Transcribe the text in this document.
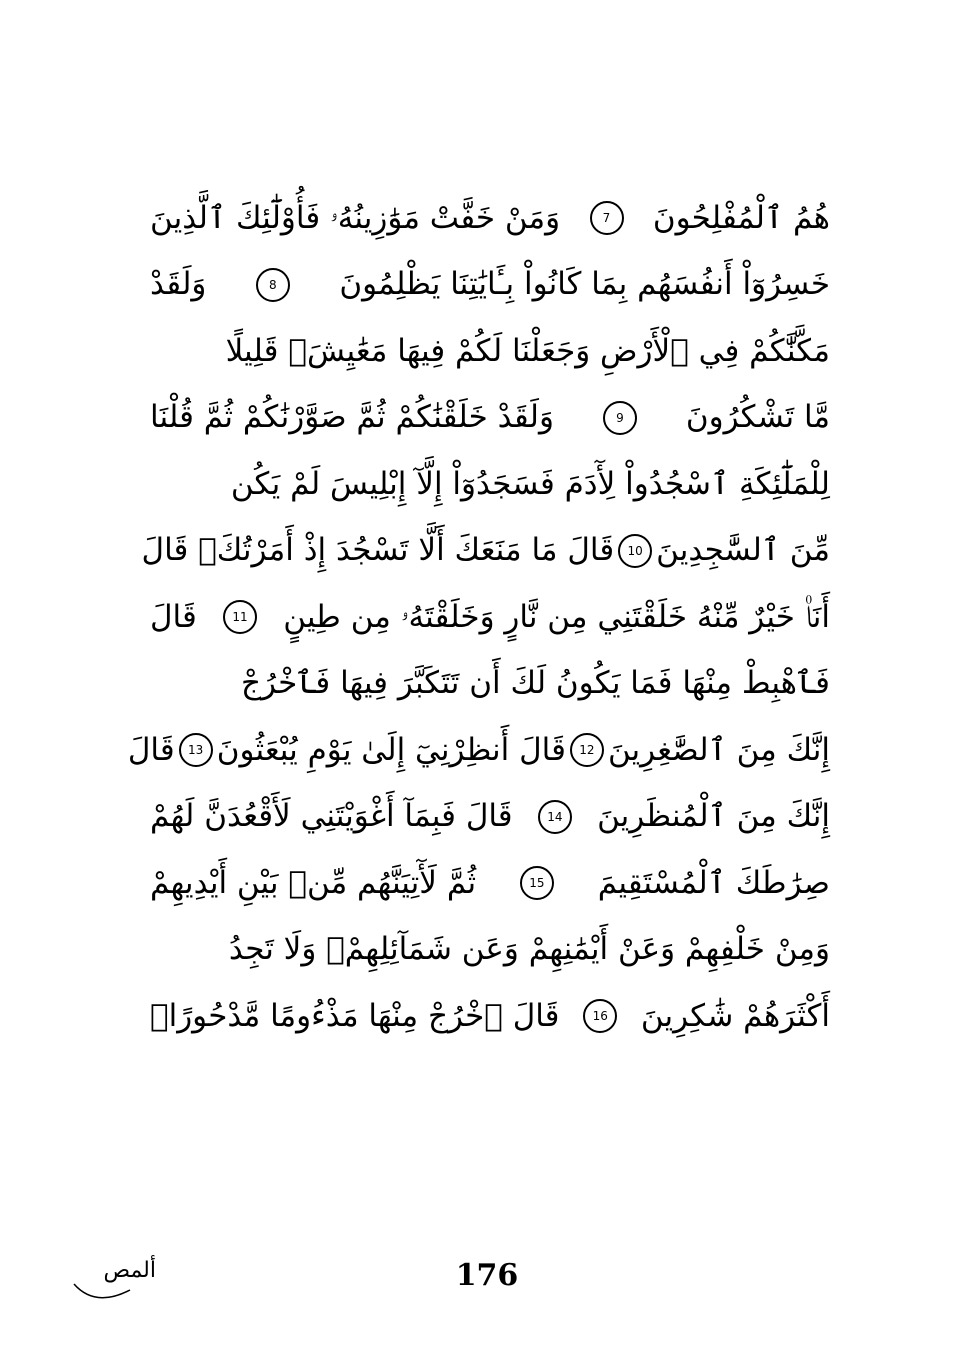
هُمُ ٱلْمُفْلِحُونَ
7
وَمَنْ خَفَّتْ مَوَٰزِينُهُۥ فَأُوْلَٰٓئِكَ ٱلَّذِينَ
خَسِرُوٓاْ أَنفُسَهُم بِمَا كَانُواْ بِـَٔايَٰتِنَا يَظْلِمُونَ
8
وَلَقَدْ
مَكَّنَّٰكُمْ فِي ٱلْأَرْضِ وَجَعَلْنَا لَكُمْ فِيهَا مَعَٰيِشَۗ قَلِيلًا
مَّا تَشْكُرُونَ
9
وَلَقَدْ خَلَقْنَٰكُمْ ثُمَّ صَوَّرْنَٰكُمْ ثُمَّ قُلْنَا
لِلْمَلَٰٓئِكَةِ ٱسْجُدُواْ لِأٓدَمَ فَسَجَدُوٓاْ إِلَّآ إِبْلِيسَ لَمْ يَكُن
مِّنَ ٱلسَّٰجِدِينَ
10
قَالَ مَا مَنَعَكَ أَلَّا تَسْجُدَ إِذْ أَمَرْتُكَۖ قَالَ
أَنَا۠ خَيْرٌ مِّنْهُ خَلَقْتَنِي مِن نَّارٍ وَخَلَقْتَهُۥ مِن طِينٍ
11
قَالَ
فَٱهْبِطْ مِنْهَا فَمَا يَكُونُ لَكَ أَن تَتَكَبَّرَ فِيهَا فَٱخْرُجْ
إِنَّكَ مِنَ ٱلصَّٰغِرِينَ
12
قَالَ أَنظِرْنِيٓ إِلَىٰ يَوْمِ يُبْعَثُونَ
13
قَالَ
إِنَّكَ مِنَ ٱلْمُنظَرِينَ
14
قَالَ فَبِمَآ أَغْوَيْتَنِي لَأَقْعُدَنَّ لَهُمْ
صِرَٰطَكَ ٱلْمُسْتَقِيمَ
15
ثُمَّ لَأٓتِيَنَّهُم مِّنۢ بَيْنِ أَيْدِيهِمْ
وَمِنْ خَلْفِهِمْ وَعَنْ أَيْمَٰنِهِمْ وَعَن شَمَآئِلِهِمْۖ وَلَا تَجِدُ
أَكْثَرَهُمْ شَٰكِرِينَ
16
قَالَ ٱخْرُجْ مِنْهَا مَذْءُومًا مَّدْحُورًاۖ
ألمص	176
